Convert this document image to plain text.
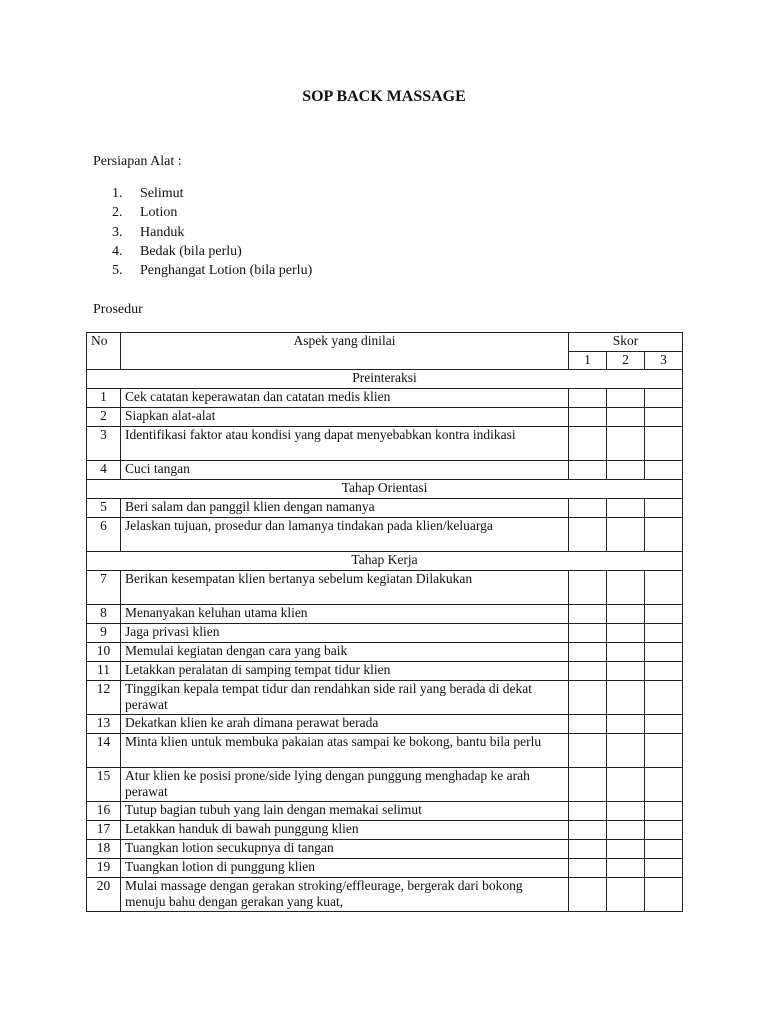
SOP BACK MASSAGE
Persiapan Alat :
1. Selimut
2. Lotion
3. Handuk
4. Bedak (bila perlu)
5. Penghangat Lotion (bila perlu)
Prosedur
No	Aspek yang dinilai	Skor		
		1	2	3
Preinteraksi				
1	Cek catatan keperawatan dan catatan medis klien			
2	Siapkan alat-alat			
3	Identifikasi faktor atau kondisi yang dapat menyebabkan kontra indikasi			
4	Cuci tangan			
Tahap Orientasi				
5	Beri salam dan panggil klien dengan namanya			
6	Jelaskan tujuan, prosedur dan lamanya tindakan pada klien/keluarga			
Tahap Kerja				
7	Berikan kesempatan klien bertanya sebelum kegiatan Dilakukan			
8	Menanyakan keluhan utama klien			
9	Jaga privasi klien			
10	Memulai kegiatan dengan cara yang baik			
11	Letakkan peralatan di samping tempat tidur klien			
12	Tinggikan kepala tempat tidur dan rendahkan side rail yang berada di dekat perawat			
13	Dekatkan klien ke arah dimana perawat berada			
14	Minta klien untuk membuka pakaian atas sampai ke bokong, bantu bila perlu			
15	Atur klien ke posisi prone/side lying dengan punggung menghadap ke arah perawat			
16	Tutup bagian tubuh yang lain dengan memakai selimut			
17	Letakkan handuk di bawah punggung klien			
18	Tuangkan lotion secukupnya di tangan			
19	Tuangkan lotion di punggung klien			
20	Mulai massage dengan gerakan stroking/effleurage, bergerak dari bokong menuju bahu dengan gerakan yang kuat,			
